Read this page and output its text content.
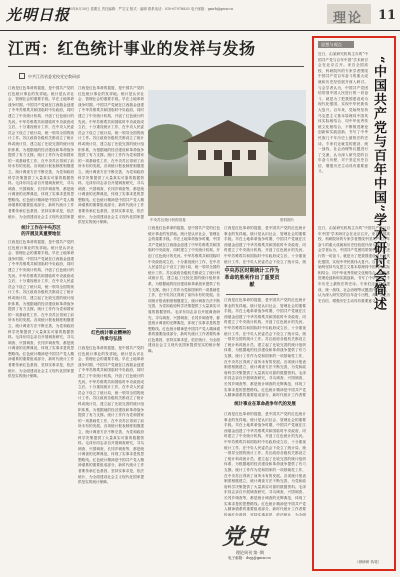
光明日报
2023年6月30日 星期五 责任编辑：严宝宝 版式：编辑 联系电话：010-67078835 电子邮箱：gmrb@gmw.cn
理论 11
江西：红色统计事业的发祥与发扬
中共江西省委党校党史教研部
江西是红色革命的摇篮，是中国共产党的红色统计事业的发祥地。统计是认识社会、管理社会的重要手段。早在土地革命战争时期，中国共产党就在江西瑞金创建了中华苏维埃共和国临时中央政府，同时建立了中央统计机构，开创了红色统计的先河。中华苏维埃共和国临时中央政府成立后，十分重视统计工作，在中央人民委员会下设立了统计局，统一领导全国的统计工作。苏区政府各级机关都设立了统计科或统计员，建立起了比较完善的统计组织体系，为根据地的经济建设和革命战争提供了有力支撑。统计工作作为党和国家的一项基础性工作，在中央苏区得到了前所未有的发展。各项统计报表制度相继建立，统计调查方法不断完善，为党和政府科学决策提供了大量真实可靠的数据资料。毛泽东同志亲自开展调查研究，寻乌调查、兴国调查、长冈乡调查等，都是统计调查的光辉典范，体现了实事求是的思想路线。红色统计精神是中国共产党人精神谱系的重要组成部分，新时代统计工作者要传承红色基因，坚持实事求是，依法统计，为全面建设社会主义现代化国家提
统计工作在中央苏区
的开展及其重要地位
江西是红色革命的摇篮，是中国共产党的红色统计事业的发祥地。统计是认识社会、管理社会的重要手段。早在土地革命战争时期，中国共产党就在江西瑞金创建了中华苏维埃共和国临时中央政府，同时建立了中央统计机构，开创了红色统计的先河。中华苏维埃共和国临时中央政府成立后，十分重视统计工作，在中央人民委员会下设立了统计局，统一领导全国的统计工作。苏区政府各级机关都设立了统计科或统计员，建立起了比较完善的统计组织体系，为根据地的经济建设和革命战争提供了有力支撑。统计工作作为党和国家的一项基础性工作，在中央苏区得到了前所未有的发展。各项统计报表制度相继建立，统计调查方法不断完善，为党和政府科学决策提供了大量真实可靠的数据资料。毛泽东同志亲自开展调查研究，寻乌调查、兴国调查、长冈乡调查等，都是统计调查的光辉典范，体现了实事求是的思想路线。红色统计精神是中国共产党人精神谱系的重要组成部分，新时代统计工作者要传承红色基因，坚持实事求是，依法统计，为全面建设社会主义现代化国家提供坚实的统计保障。
江西是红色革命的摇篮，是中国共产党的红色统计事业的发祥地。统计是认识社会、管理社会的重要手段。早在土地革命战争时期，中国共产党就在江西瑞金创建了中华苏维埃共和国临时中央政府，同时建立了中央统计机构，开创了红色统计的先河。中华苏维埃共和国临时中央政府成立后，十分重视统计工作，在中央人民委员会下设立了统计局，统一领导全国的统计工作。苏区政府各级机关都设立了统计科或统计员，建立起了比较完善的统计组织体系，为根据地的经济建设和革命战争提供了有力支撑。统计工作作为党和国家的一项基础性工作，在中央苏区得到了前所未有的发展。各项统计报表制度相继建立，统计调查方法不断完善，为党和政府科学决策提供了大量真实可靠的数据资料。毛泽东同志亲自开展调查研究，寻乌调查、兴国调查、长冈乡调查等，都是统计调查的光辉典范，体现了实事求是的思想路线。红色统计精神是中国共产党人精神谱系的重要组成部分，新时代统计工作者要传承红色基因，坚持实事求是，依法统计，为全面建设社会主义现代化国家提供坚实的统计保障。
红色统计事业精神的
传承与弘扬
江西是红色革命的摇篮，是中国共产党的红色统计事业的发祥地。统计是认识社会、管理社会的重要手段。早在土地革命战争时期，中国共产党就在江西瑞金创建了中华苏维埃共和国临时中央政府，同时建立了中央统计机构，开创了红色统计的先河。中华苏维埃共和国临时中央政府成立后，十分重视统计工作，在中央人民委员会下设立了统计局，统一领导全国的统计工作。苏区政府各级机关都设立了统计科或统计员，建立起了比较完善的统计组织体系，为根据地的经济建设和革命战争提供了有力支撑。统计工作作为党和国家的一项基础性工作，在中央苏区得到了前所未有的发展。各项统计报表制度相继建立，统计调查方法不断完善，为党和政府科学决策提供了大量真实可靠的数据资料。毛泽东同志亲自开展调查研究，寻乌调查、兴国调查、长冈乡调查等，都是统计调查的光辉典范，体现了实事求是的思想路线。红色统计精神是中国共产党人精神谱系的重要组成部分，新时代统计工作者要传承红色基因，坚持实事求是，依法统计，为全面建设社会主义现代化国家提供坚实的统计保障。
中央苏区统计机构旧址	资料图片
江西是红色革命的摇篮，是中国共产党的红色统计事业的发祥地。统计是认识社会、管理社会的重要手段。早在土地革命战争时期，中国共产党就在江西瑞金创建了中华苏维埃共和国临时中央政府，同时建立了中央统计机构，开创了红色统计的先河。中华苏维埃共和国临时中央政府成立后，十分重视统计工作，在中央人民委员会下设立了统计局，统一领导全国的统计工作。苏区政府各级机关都设立了统计科或统计员，建立起了比较完善的统计组织体系，为根据地的经济建设和革命战争提供了有力支撑。统计工作作为党和国家的一项基础性工作，在中央苏区得到了前所未有的发展。各项统计报表制度相继建立，统计调查方法不断完善，为党和政府科学决策提供了大量真实可靠的数据资料。毛泽东同志亲自开展调查研究，寻乌调查、兴国调查、长冈乡调查等，都是统计调查的光辉典范，体现了实事求是的思想路线。红色统计精神是中国共产党人精神谱系的重要组成部分，新时代统计工作者要传承红色基因，坚持实事求是，依法统计，为全面建设社会主义现代化国家提供坚实的统计保障。
江西是红色革命的摇篮，是中国共产党的红色统计事业的发祥地。统计是认识社会、管理社会的重要手段。早在土地革命战争时期，中国共产党就在江西瑞金创建了中华苏维埃共和国临时中央政府，同时建立了中央统计机构，开创了红色统计的先河。中华苏维埃共和国临时中央政府成立后，十分重视统计工作，在中央人民委员会下设立了统计局，统
中央苏区时期统计工作为革命的胜利作出了重要贡献
江西是红色革命的摇篮，是中国共产党的红色统计事业的发祥地。统计是认识社会、管理社会的重要手段。早在土地革命战争时期，中国共产党就在江西瑞金创建了中华苏维埃共和国临时中央政府，同时建立了中央统计机构，开创了红色统计的先河。中华苏维埃共和国临时中央政府成立后，十分重视统计工作，在中央人民委员会下设立了统计局，统一领导全国的统计工作。苏区政府各级机关都设立了统计科或统计员，建立起了比较完善的统计组织体系，为根据地的经济建设和革命战争提供了有力支撑。统计工作作为党和国家的一项基础性工作，在中央苏区得到了前所未有的发展。各项统计报表制度相继建立，统计调查方法不断完善，为党和政府科学决策提供了大量真实可靠的数据资料。毛泽东同志亲自开展调查研究，寻乌调查、兴国调查、长冈乡调查等，都是统计调查的光辉典范，体现了实事求是的思想路线。红色统计精神是中国共产党人精神谱系的重要组成部分，新时代统计工作者要
统计事业在革命战争年代的发展
江西是红色革命的摇篮，是中国共产党的红色统计事业的发祥地。统计是认识社会、管理社会的重要手段。早在土地革命战争时期，中国共产党就在江西瑞金创建了中华苏维埃共和国临时中央政府，同时建立了中央统计机构，开创了红色统计的先河。中华苏维埃共和国临时中央政府成立后，十分重视统计工作，在中央人民委员会下设立了统计局，统一领导全国的统计工作。苏区政府各级机关都设立了统计科或统计员，建立起了比较完善的统计组织体系，为根据地的经济建设和革命战争提供了有力支撑。统计工作作为党和国家的一项基础性工作，在中央苏区得到了前所未有的发展。各项统计报表制度相继建立，统计调查方法不断完善，为党和政府科学决策提供了大量真实可靠的数据资料。毛泽东同志亲自开展调查研究，寻乌调查、兴国调查、长冈乡调查等，都是统计调查的光辉典范，体现了实事求是的思想路线。红色统计精神是中国共产党人精神谱系的重要组成部分，新时代统计工作者要传承红色基因，坚持实事求是，依法统计，为全面
党史
理论周刊 第··期
电子邮箱：dsyj@gmw.cn
思想与观点
“中国共产党与百年中国”学术研讨会简述
近日，由某研究机构主办的“中国共产党与百年中国”学术研讨会在北京召开。来自全国高校、科研院所的专家学者围绕中国共产党百年奋斗的重大成就和历史经验展开深入研讨。与会学者认为，中国共产党团结带领中国人民进行的一切奋斗，就是为了把我国建设成为现代化强国，实现中华民族伟大复兴。百年来，党始终坚持马克思主义基本原理同中国具体实际相结合、同中华优秀传统文化相结合，不断推进理论创新和实践创新，书写了中华民族几千年历史上最恢宏的史诗。专家们还就党的建设、统一战线、社会治理等议题进行了交流，认为深入研究党的百年奋斗历程，对于坚定历史自信、增强历史主动具有重要意义。
近日，由某研究机构主办的“中国共产党与百年中国”学术研讨会在北京召开。来自全国高校、科研院所的专家学者围绕中国共产党百年奋斗的重大成就和历史经验展开深入研讨。与会学者认为，中国共产党团结带领中国人民进行的一切奋斗，就是为了把我国建设成为现代化强国，实现中华民族伟大复兴。百年来，党始终坚持马克思主义基本原理同中国具体实际相结合、同中华优秀传统文化相结合，不断推进理论创新和实践创新，书写了中华民族几千年历史上最恢宏的史诗。专家们还就党的建设、统一战线、社会治理等议题进行了交流，认为深入研究党的百年奋斗历程，对于坚定历史自信、增强历史主动具有重要意义。
（颜研研 执笔）
